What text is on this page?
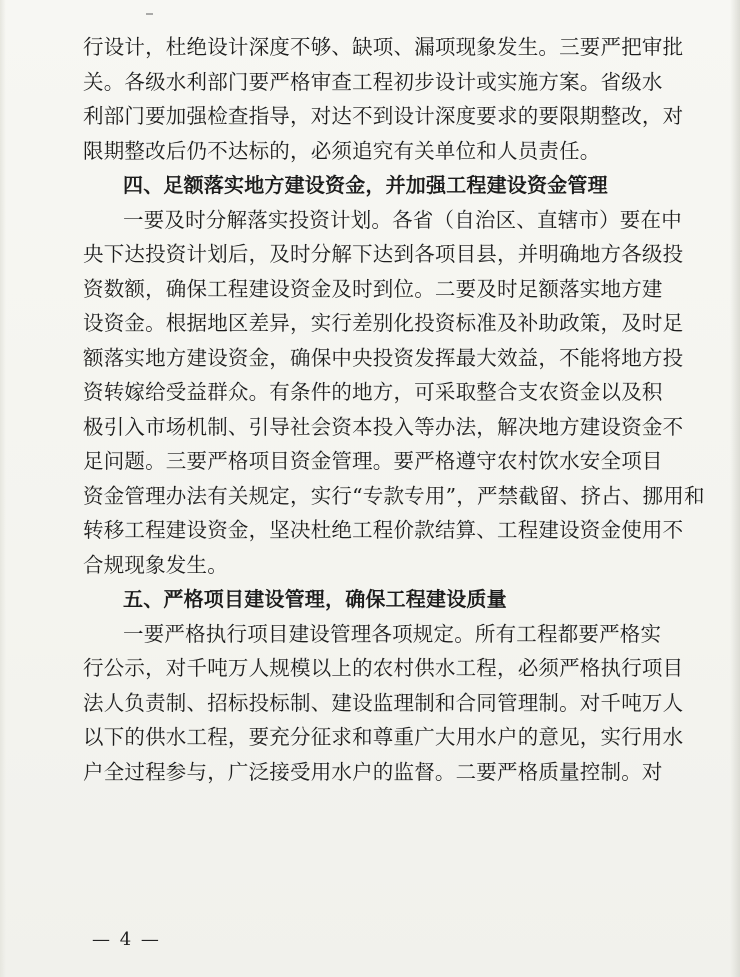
行设计，杜绝设计深度不够、缺项、漏项现象发生。三要严把审批
关。各级水利部门要严格审查工程初步设计或实施方案。省级水
利部门要加强检查指导，对达不到设计深度要求的要限期整改，对
限期整改后仍不达标的，必须追究有关单位和人员责任。
四、足额落实地方建设资金，并加强工程建设资金管理
一要及时分解落实投资计划。各省（自治区、直辖市）要在中
央下达投资计划后，及时分解下达到各项目县，并明确地方各级投
资数额，确保工程建设资金及时到位。二要及时足额落实地方建
设资金。根据地区差异，实行差别化投资标准及补助政策，及时足
额落实地方建设资金，确保中央投资发挥最大效益，不能将地方投
资转嫁给受益群众。有条件的地方，可采取整合支农资金以及积
极引入市场机制、引导社会资本投入等办法，解决地方建设资金不
足问题。三要严格项目资金管理。要严格遵守农村饮水安全项目
资金管理办法有关规定，实行“专款专用”，严禁截留、挤占、挪用和
转移工程建设资金，坚决杜绝工程价款结算、工程建设资金使用不
合规现象发生。
五、严格项目建设管理，确保工程建设质量
一要严格执行项目建设管理各项规定。所有工程都要严格实
行公示，对千吨万人规模以上的农村供水工程，必须严格执行项目
法人负责制、招标投标制、建设监理制和合同管理制。对千吨万人
以下的供水工程，要充分征求和尊重广大用水户的意见，实行用水
户全过程参与，广泛接受用水户的监督。二要严格质量控制。对
— 4 —
